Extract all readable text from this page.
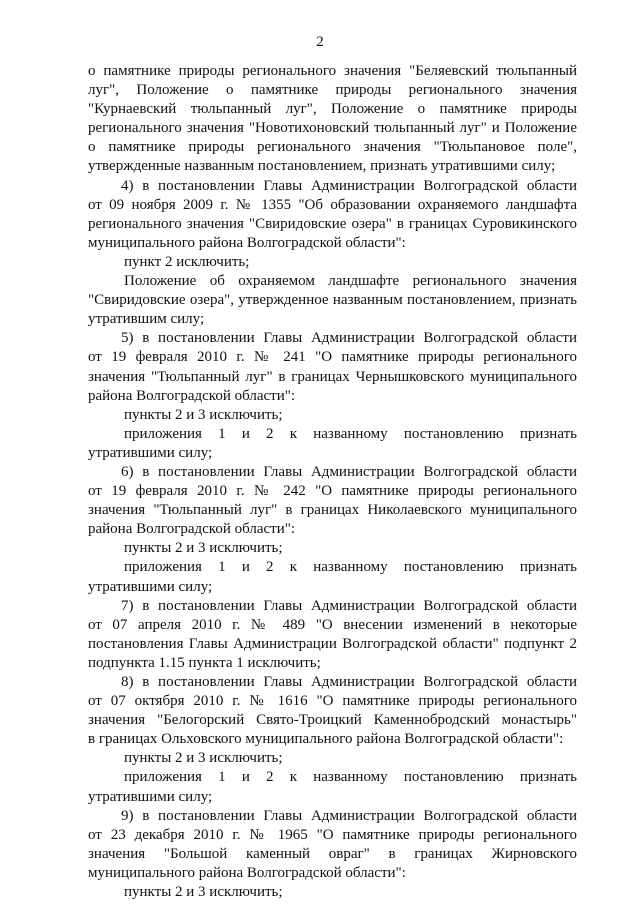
2
о памятнике природы регионального значения "Беляевский тюльпанный
луг", Положение о памятнике природы регионального значения
"Курнаевский тюльпанный луг", Положение о памятнике природы
регионального значения "Новотихоновский тюльпанный луг" и Положение
о памятнике природы регионального значения "Тюльпановое поле",
утвержденные названным постановлением, признать утратившими силу;
4) в постановлении Главы Администрации Волгоградской области
от 09 ноября 2009 г. № 1355 "Об образовании охраняемого ландшафта
регионального значения "Свиридовские озера" в границах Суровикинского
муниципального района Волгоградской области":
пункт 2 исключить;
Положение об охраняемом ландшафте регионального значения
"Свиридовские озера", утвержденное названным постановлением, признать
утратившим силу;
5) в постановлении Главы Администрации Волгоградской области
от 19 февраля 2010 г. № 241 "О памятнике природы регионального
значения "Тюльпанный луг" в границах Чернышковского муниципального
района Волгоградской области":
пункты 2 и 3 исключить;
приложения 1 и 2 к названному постановлению признать
утратившими силу;
6) в постановлении Главы Администрации Волгоградской области
от 19 февраля 2010 г. № 242 "О памятнике природы регионального
значения "Тюльпанный луг" в границах Николаевского муниципального
района Волгоградской области":
пункты 2 и 3 исключить;
приложения 1 и 2 к названному постановлению признать
утратившими силу;
7) в постановлении Главы Администрации Волгоградской области
от 07 апреля 2010 г. № 489 "О внесении изменений в некоторые
постановления Главы Администрации Волгоградской области" подпункт 2
подпункта 1.15 пункта 1 исключить;
8) в постановлении Главы Администрации Волгоградской области
от 07 октября 2010 г. № 1616 "О памятнике природы регионального
значения "Белогорский Свято-Троицкий Каменнобродский монастырь"
в границах Ольховского муниципального района Волгоградской области":
пункты 2 и 3 исключить;
приложения 1 и 2 к названному постановлению признать
утратившими силу;
9) в постановлении Главы Администрации Волгоградской области
от 23 декабря 2010 г. № 1965 "О памятнике природы регионального
значения "Большой каменный овраг" в границах Жирновского
муниципального района Волгоградской области":
пункты 2 и 3 исключить;
